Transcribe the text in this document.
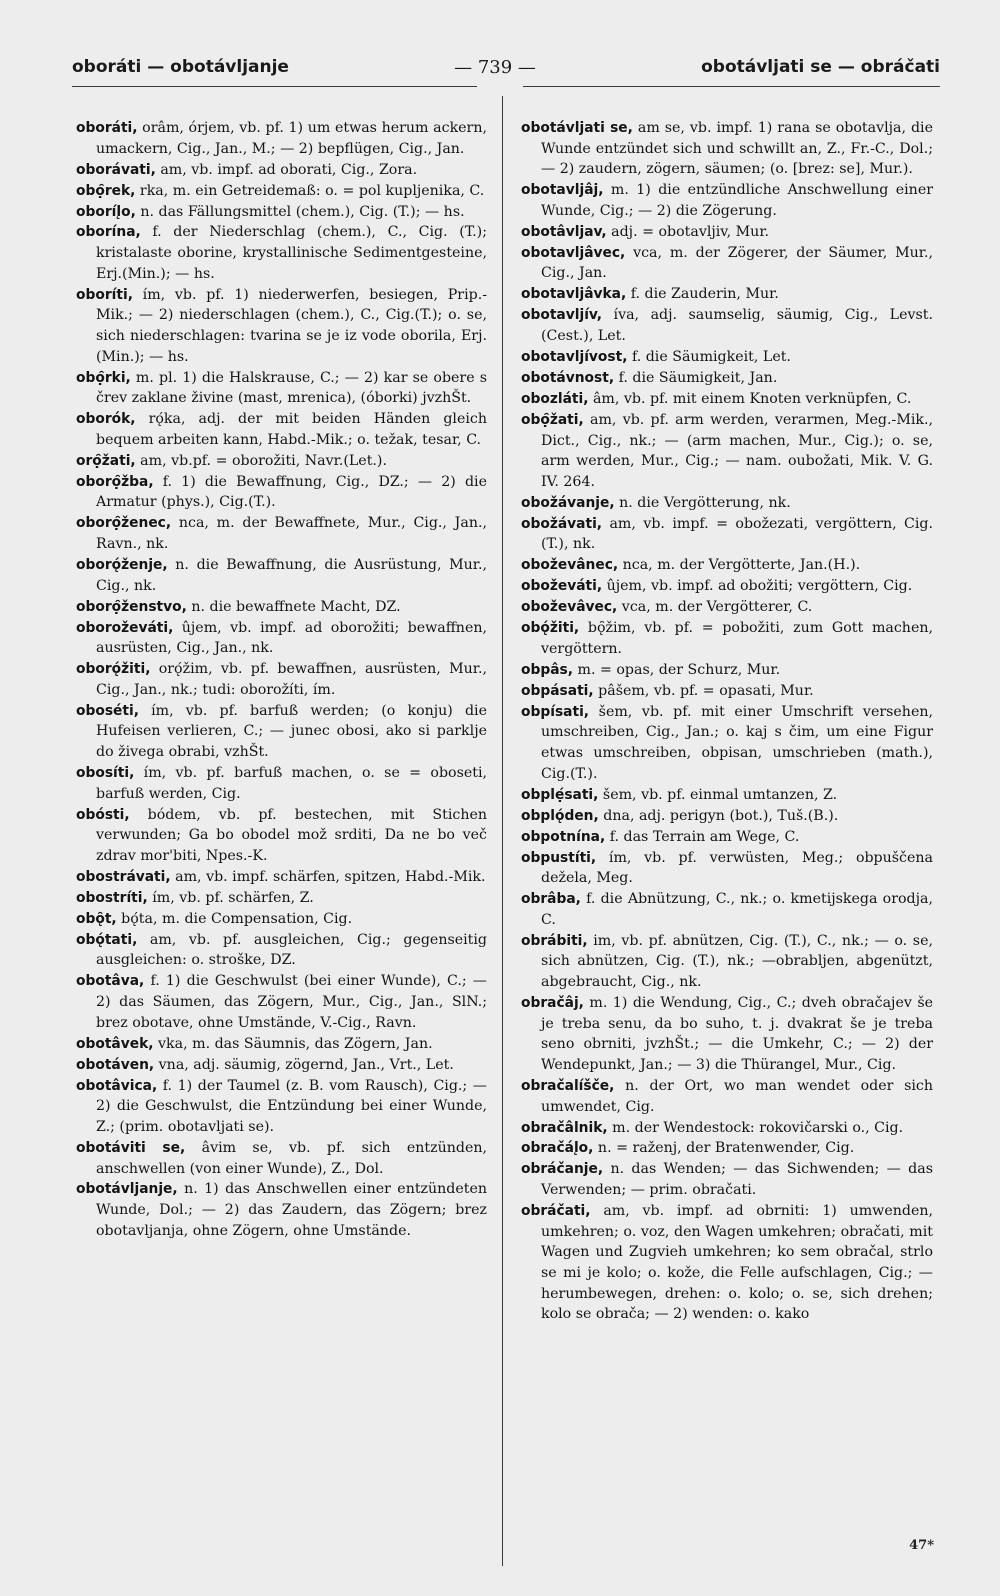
oboráti — obotávljanje	— 739 —	obotávljati se — obráčati

oboráti, orâm, órjem, vb. pf. 1) um etwas herum ackern, umackern, Cig., Jan., M.; — 2) bepflügen, Cig., Jan.

oborávati, am, vb. impf. ad oborati, Cig., Zora.

obọ̑rek, rka, m. ein Getreidemaß: o. = pol kupljenika, C.

oboríl̨o, n. das Fällungsmittel (chem.), Cig. (T.); — hs.

oborína, f. der Niederschlag (chem.), C., Cig. (T.); kristalaste oborine, krystallinische Sedimentgesteine, Erj.(Min.); — hs.

oboríti, ím, vb. pf. 1) niederwerfen, besiegen, Prip.-Mik.; — 2) niederschlagen (chem.), C., Cig.(T.); o. se, sich niederschlagen: tvarina se je iz vode oborila, Erj.(Min.); — hs.

obọ̑rki, m. pl. 1) die Halskrause, C.; — 2) kar se obere s črev zaklane živine (mast, mrenica), (óborki) jvzhŠt.

oborók, rǫ́ka, adj. der mit beiden Händen gleich bequem arbeiten kann, Habd.-Mik.; o. težak, tesar, C.

orọ̑žati, am, vb.pf. = oborožiti, Navr.(Let.).

oborọ̑žba, f. 1) die Bewaffnung, Cig., DZ.; — 2) die Armatur (phys.), Cig.(T.).

oborọ̑ženec, nca, m. der Bewaffnete, Mur., Cig., Jan., Ravn., nk.

oborǫ́ženje, n. die Bewaffnung, die Ausrüstung, Mur., Cig., nk.

oborọ̑ženstvo, n. die bewaffnete Macht, DZ.

oboroževáti, ûjem, vb. impf. ad oborožiti; bewaffnen, ausrüsten, Cig., Jan., nk.

oborǫ́žiti, orǫ́žim, vb. pf. bewaffnen, ausrüsten, Mur., Cig., Jan., nk.; tudi: oborožíti, ím.

oboséti, ím, vb. pf. barfuß werden; (o konju) die Hufeisen verlieren, C.; — junec obosi, ako si parklje do živega obrabi, vzhŠt.

obosíti, ím, vb. pf. barfuß machen, o. se = oboseti, barfuß werden, Cig.

obósti, bódem, vb. pf. bestechen, mit Stichen verwunden; Ga bo obodel mož srditi, Da ne bo več zdrav mor'biti, Npes.-K.

obostrávati, am, vb. impf. schärfen, spitzen, Habd.-Mik.

obostríti, ím, vb. pf. schärfen, Z.

obǫ̑t, bǫ́ta, m. die Compensation, Cig.

obǫ́tati, am, vb. pf. ausgleichen, Cig.; gegenseitig ausgleichen: o. stroške, DZ.

obotâva, f. 1) die Geschwulst (bei einer Wunde), C.; — 2) das Säumen, das Zögern, Mur., Cig., Jan., SlN.; brez obotave, ohne Umstände, V.-Cig., Ravn.

obotâvek, vka, m. das Säumnis, das Zögern, Jan.

obotáven, vna, adj. säumig, zögernd, Jan., Vrt., Let.

obotâvica, f. 1) der Taumel (z. B. vom Rausch), Cig.; — 2) die Geschwulst, die Entzündung bei einer Wunde, Z.; (prim. obotavljati se).

obotáviti se, âvim se, vb. pf. sich entzünden, anschwellen (von einer Wunde), Z., Dol.

obotávljanje, n. 1) das Anschwellen einer entzündeten Wunde, Dol.; — 2) das Zaudern, das Zögern; brez obotavljanja, ohne Zögern, ohne Umstände.

obotávljati se, am se, vb. impf. 1) rana se obotavlja, die Wunde entzündet sich und schwillt an, Z., Fr.-C., Dol.; — 2) zaudern, zögern, säumen; (o. [brez: se], Mur.).

obotavljâj, m. 1) die entzündliche Anschwellung einer Wunde, Cig.; — 2) die Zögerung.

obotâvljav, adj. = obotavljiv, Mur.

obotavljâvec, vca, m. der Zögerer, der Säumer, Mur., Cig., Jan.

obotavljâvka, f. die Zauderin, Mur.

obotavljív, íva, adj. saumselig, säumig, Cig., Levst.(Cest.), Let.

obotavljívost, f. die Säumigkeit, Let.

obotávnost, f. die Säumigkeit, Jan.

obozláti, âm, vb. pf. mit einem Knoten verknüpfen, C.

obọ̑žati, am, vb. pf. arm werden, verarmen, Meg.-Mik., Dict., Cig., nk.; — (arm machen, Mur., Cig.); o. se, arm werden, Mur., Cig.; — nam. oubožati, Mik. V. G. IV. 264.

obožávanje, n. die Vergötterung, nk.

obožávati, am, vb. impf. = obožezati, vergöttern, Cig.(T.), nk.

oboževânec, nca, m. der Vergötterte, Jan.(H.).

oboževáti, ûjem, vb. impf. ad obožiti; vergöttern, Cig.

oboževâvec, vca, m. der Vergötterer, C.

obǫ́žiti, bǫ̑žim, vb. pf. = pobožiti, zum Gott machen, vergöttern.

obpâs, m. = opas, der Schurz, Mur.

obpásati, pâšem, vb. pf. = opasati, Mur.

obpísati, šem, vb. pf. mit einer Umschrift versehen, umschreiben, Cig., Jan.; o. kaj s čim, um eine Figur etwas umschreiben, obpisan, umschrieben (math.), Cig.(T.).

obplẹ́sati, šem, vb. pf. einmal umtanzen, Z.

obplǫ́den, dna, adj. perigyn (bot.), Tuš.(B.).

obpotnína, f. das Terrain am Wege, C.

obpustíti, ím, vb. pf. verwüsten, Meg.; obpuščena dežela, Meg.

obrâba, f. die Abnützung, C., nk.; o. kmetijskega orodja, C.

obrábiti, im, vb. pf. abnützen, Cig. (T.), C., nk.; — o. se, sich abnützen, Cig. (T.), nk.; —obrabljen, abgenützt, abgebraucht, Cig., nk.

obračâj, m. 1) die Wendung, Cig., C.; dveh obračajev še je treba senu, da bo suho, t. j. dvakrat še je treba seno obrniti, jvzhŠt.; — die Umkehr, C.; — 2) der Wendepunkt, Jan.; — 3) die Thürangel, Mur., Cig.

obračalíšče, n. der Ort, wo man wendet oder sich umwendet, Cig.

obračâlnik, m. der Wendestock: rokovičarski o., Cig.

obračál̨o, n. = raženj, der Bratenwender, Cig.

obráčanje, n. das Wenden; — das Sichwenden; — das Verwenden; — prim. obračati.

obráčati, am, vb. impf. ad obrniti: 1) umwenden, umkehren; o. voz, den Wagen umkehren; obračati, mit Wagen und Zugvieh umkehren; ko sem obračal, strlo se mi je kolo; o. kože, die Felle aufschlagen, Cig.; — herumbewegen, drehen: o. kolo; o. se, sich drehen; kolo se obrača; — 2) wenden: o. kako

47*
